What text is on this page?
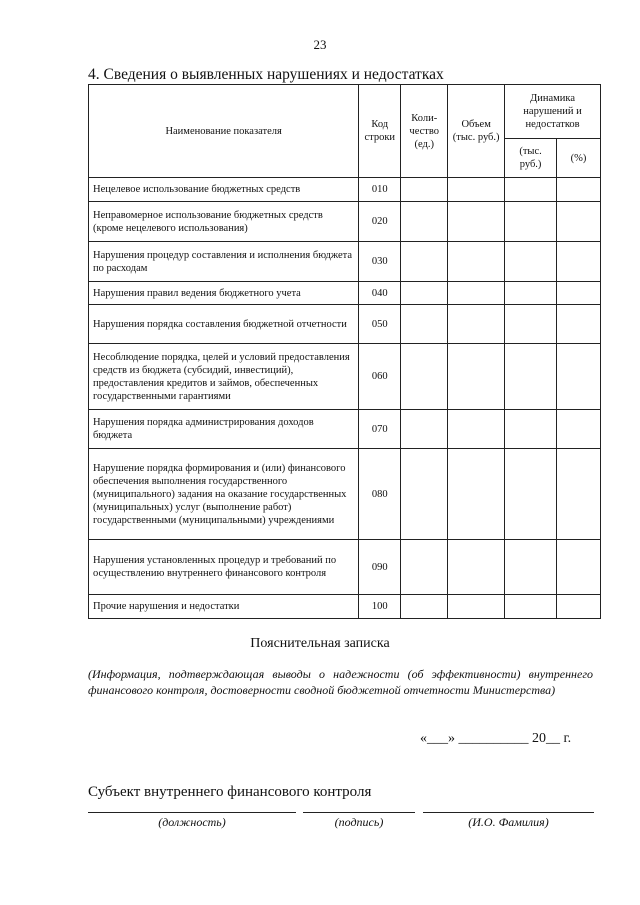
23
4. Сведения о выявленных нарушениях и недостатках
Наименование показателя	Код строки	Коли-чество (ед.)	Объем (тыс. руб.)	Динамика нарушений и недостатков	
				(тыс. руб.)	(%)
Нецелевое использование бюджетных средств	010				
Неправомерное использование бюджетных средств (кроме нецелевого использования)	020				
Нарушения процедур составления и исполнения бюджета по расходам	030				
Нарушения правил ведения бюджетного учета	040				
Нарушения порядка составления бюджетной отчетности	050				
Несоблюдение порядка, целей и условий предоставления средств из бюджета (субсидий, инвестиций), предоставления кредитов и займов, обеспеченных государственными гарантиями	060				
Нарушения порядка администрирования доходов бюджета	070				
Нарушение порядка формирования и (или) финансового обеспечения выполнения государственного (муниципального) задания на оказание государственных (муниципальных) услуг (выполнение работ) государственными (муниципальными) учреждениями	080				
Нарушения установленных процедур и требований по осуществлению внутреннего финансового контроля	090				
Прочие нарушения и недостатки	100				
Пояснительная записка
(Информация, подтверждающая выводы о надежности (об эффективности) внутреннего финансового контроля, достоверности сводной бюджетной отчетности Министерства)
«___» __________ 20__ г.
Субъект внутреннего финансового контроля
(должность)	(подпись)	(И.О. Фамилия)
